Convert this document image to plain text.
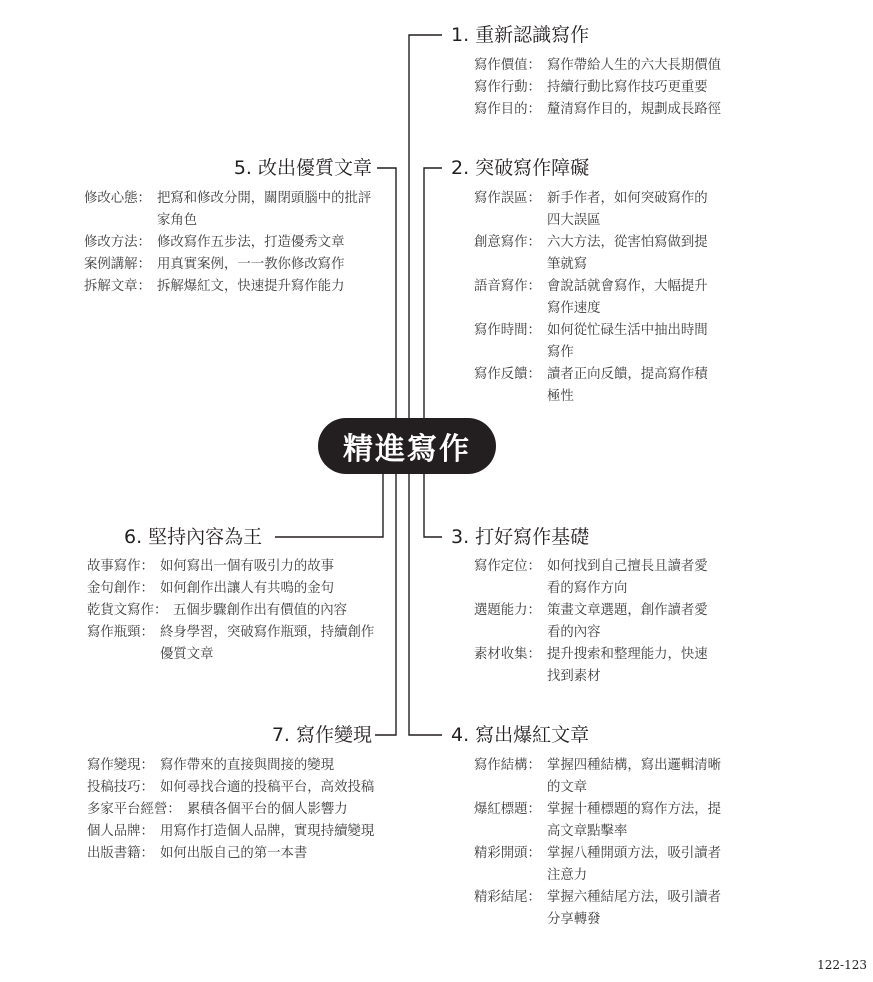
精進寫作
1. 重新認識寫作
寫作價值： 寫作帶給人生的六大長期價值
寫作行動： 持續行動比寫作技巧更重要
寫作目的： 釐清寫作目的，規劃成長路徑
2. 突破寫作障礙
寫作誤區： 新手作者，如何突破寫作的四大誤區
創意寫作： 六大方法，從害怕寫做到提筆就寫
語音寫作： 會說話就會寫作，大幅提升寫作速度
寫作時間： 如何從忙碌生活中抽出時間寫作
寫作反饋： 讀者正向反饋，提高寫作積極性
3. 打好寫作基礎
寫作定位： 如何找到自己擅長且讀者愛看的寫作方向
選題能力： 策畫文章選題，創作讀者愛看的內容
素材收集： 提升搜索和整理能力，快速找到素材
4. 寫出爆紅文章
寫作結構： 掌握四種結構，寫出邏輯清晰的文章
爆紅標題： 掌握十種標題的寫作方法，提高文章點擊率
精彩開頭： 掌握八種開頭方法，吸引讀者注意力
精彩結尾： 掌握六種結尾方法，吸引讀者分享轉發
5. 改出優質文章
修改心態： 把寫和修改分開，關閉頭腦中的批評家角色
修改方法： 修改寫作五步法，打造優秀文章
案例講解： 用真實案例，一一教你修改寫作
拆解文章： 拆解爆紅文，快速提升寫作能力
6. 堅持內容為王
故事寫作： 如何寫出一個有吸引力的故事
金句創作： 如何創作出讓人有共鳴的金句
乾貨文寫作： 五個步驟創作出有價值的內容
寫作瓶頸： 終身學習，突破寫作瓶頸，持續創作優質文章
7. 寫作變現
寫作變現： 寫作帶來的直接與間接的變現
投稿技巧： 如何尋找合適的投稿平台，高效投稿
多家平台經營： 累積各個平台的個人影響力
個人品牌： 用寫作打造個人品牌，實現持續變現
出版書籍： 如何出版自己的第一本書
122-123
